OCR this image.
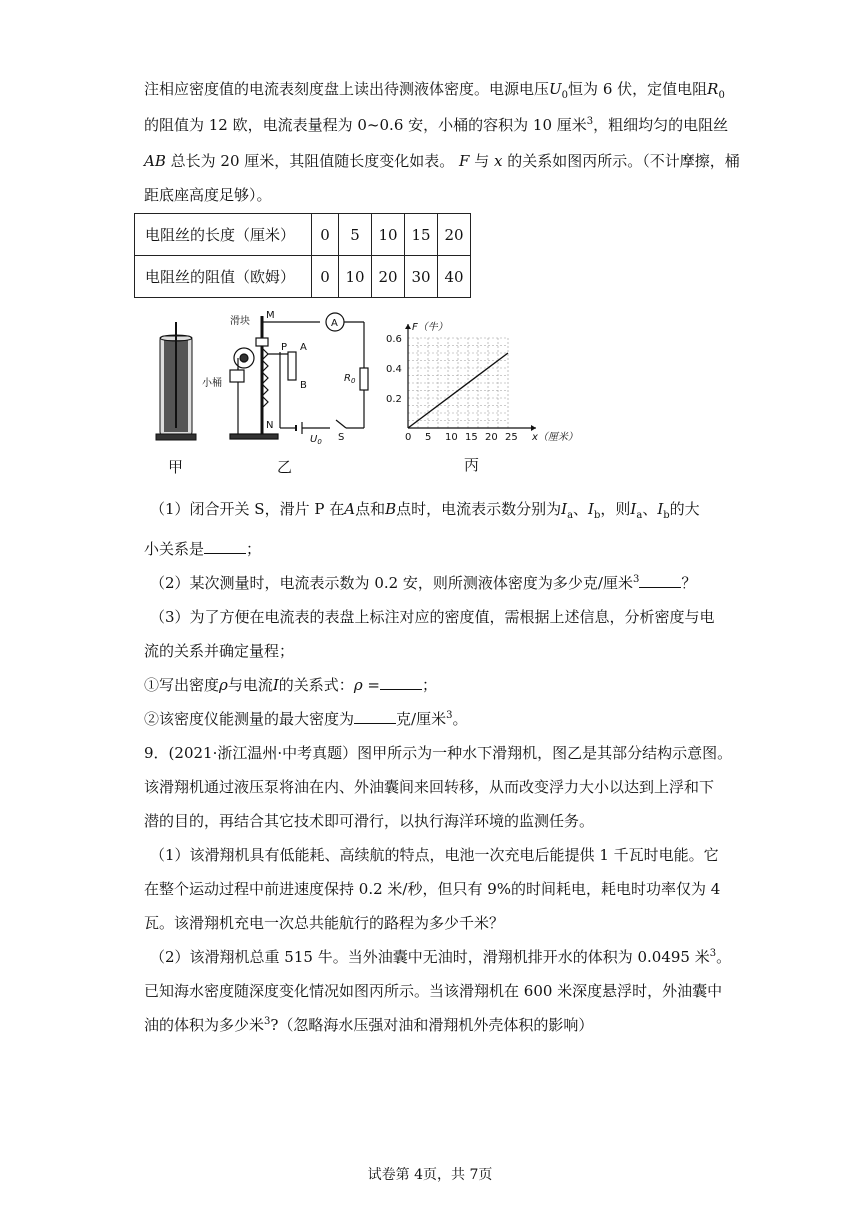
注相应密度值的电流表刻度盘上读出待测液体密度。电源电压$U_0$恒为 6 伏，定值电阻$R_0$
的阻值为 12 欧，电流表量程为 0~0.6 安，小桶的容积为 10 厘米$^3$，粗细均匀的电阻丝
AB 总长为 20 厘米，其阻值随长度变化如表。 F 与 x 的关系如图丙所示。（不计摩擦，桶
距底座高度足够）。
电阻丝的长度（厘米）	0	5	10	15	20
电阻丝的阻值（欧姆）	0	10	20	30	40
滑块
小桶
M
N
P A
B
A
$R_0$
$U_0$ S	0 5 10 15 20 25
0.2
0.4
0.6
x（厘米）
F（牛）
甲	乙	丙
（1）闭合开关 S，滑片 P 在A点和B点时，电流表示数分别为$I_a$、$I_b$，则$I_a$、$I_b$的大
小关系是	；
（2）某次测量时，电流表示数为 0.2 安，则所测液体密度为多少克/厘米$^3$	？
（3）为了方便在电流表的表盘上标注对应的密度值，需根据上述信息，分析密度与电
流的关系并确定量程；
①写出密度ρ与电流I的关系式：ρ =	；
②该密度仪能测量的最大密度为	克/厘米$^3$。
9．(2021·浙江温州·中考真题）图甲所示为一种水下滑翔机，图乙是其部分结构示意图。
该滑翔机通过液压泵将油在内、外油囊间来回转移，从而改变浮力大小以达到上浮和下
潜的目的，再结合其它技术即可滑行，以执行海洋环境的监测任务。
（1）该滑翔机具有低能耗、高续航的特点，电池一次充电后能提供 1 千瓦时电能。它
在整个运动过程中前进速度保持 0.2 米/秒，但只有 9%的时间耗电，耗电时功率仅为 4
瓦。该滑翔机充电一次总共能航行的路程为多少千米？
（2）该滑翔机总重 515 牛。当外油囊中无油时，滑翔机排开水的体积为 0.0495 米$^3$。
已知海水密度随深度变化情况如图丙所示。当该滑翔机在 600 米深度悬浮时，外油囊中
油的体积为多少米$^3$?（忽略海水压强对油和滑翔机外壳体积的影响）
试卷第 4页，共 7页
